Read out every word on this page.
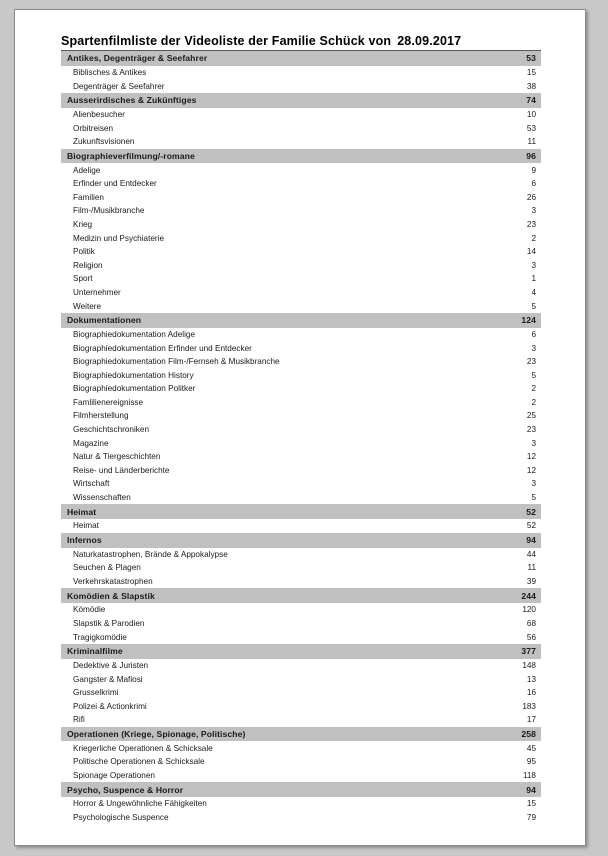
Spartenfilmliste der Videoliste der Familie Schück von 28.09.2017
Antikes, Degenträger & Seefahrer	53
Biblisches & Antikes	15
Degenträger & Seefahrer	38
Ausserirdisches & Zukünftiges	74
Alienbesucher	10
Orbitreisen	53
Zukunftsvisionen	11
Biographieverfilmung/-romane	96
Adelige	9
Erfinder und Entdecker	6
Familien	26
Film-/Musikbranche	3
Krieg	23
Medizin und Psychiaterie	2
Politik	14
Religion	3
Sport	1
Unternehmer	4
Weitere	5
Dokumentationen	124
Biographiedokumentation Adelige	6
Biographiedokumentation Erfinder und Entdecker	3
Biographiedokumentation Film-/Fernseh & Musikbranche	23
Biographiedokumentation History	5
Biographiedokumentation Politker	2
Famlilienereignisse	2
Filmherstellung	25
Geschichtschroniken	23
Magazine	3
Natur & Tiergeschichten	12
Reise- und Länderberichte	12
Wirtschaft	3
Wissenschaften	5
Heimat	52
Heimat	52
Infernos	94
Naturkatastrophen, Brände & Appokalypse	44
Seuchen & Plagen	11
Verkehrskatastrophen	39
Komödien & Slapstik	244
Kömödie	120
Slapstik & Parodien	68
Tragigkomödie	56
Kriminalfilme	377
Dedektive & Juristen	148
Gangster & Mafiosi	13
Grusselkrimi	16
Polizei & Actionkrimi	183
Rifi	17
Operationen (Kriege, Spionage, Politische)	258
Kriegerliche Operationen & Schicksale	45
Politische Operationen & Schicksale	95
Spionage Operationen	118
Psycho, Suspence & Horror	94
Horror & Ungewöhnliche Fähigkeiten	15
Psychologische Suspence	79
